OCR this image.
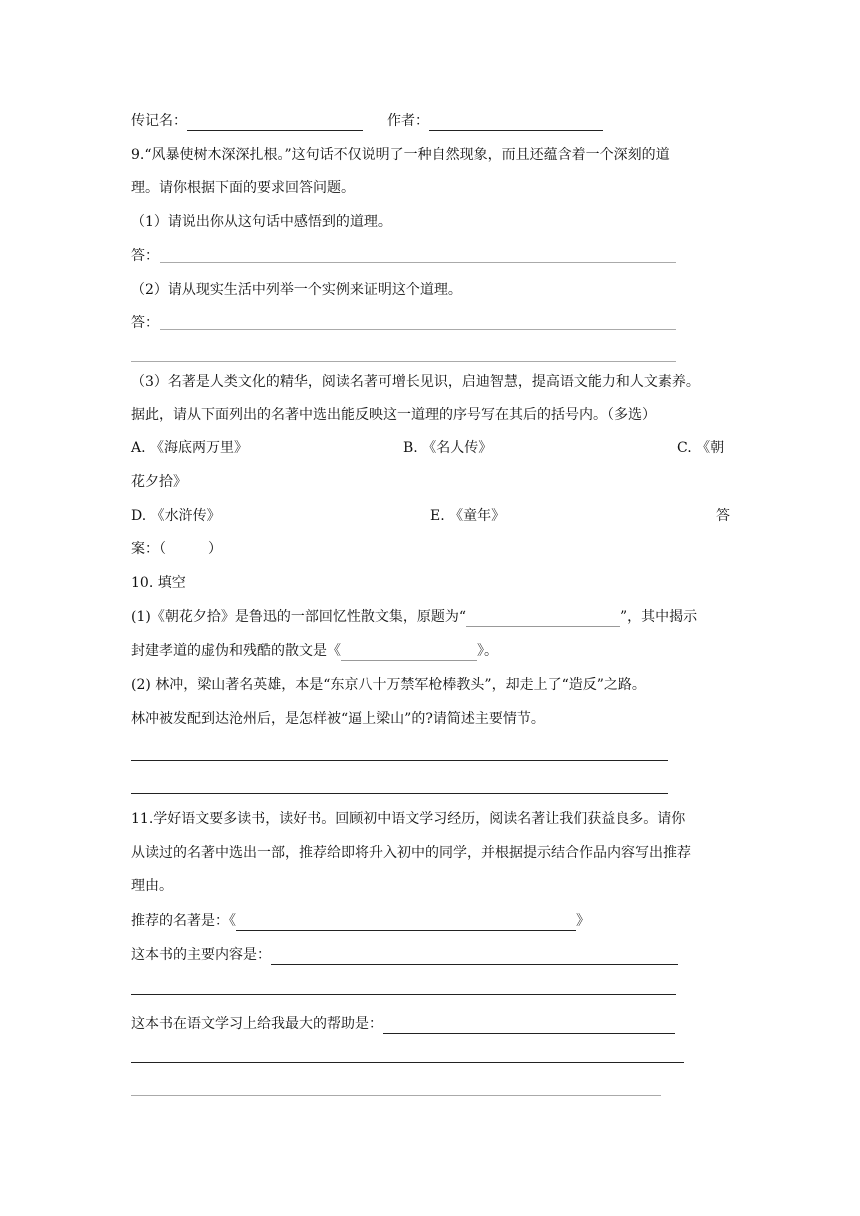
传记名：	作者：
9.“风暴使树木深深扎根。”这句话不仅说明了一种自然现象，而且还蕴含着一个深刻的道
理。请你根据下面的要求回答问题。
（1）请说出你从这句话中感悟到的道理。
答：
（2）请从现实生活中列举一个实例来证明这个道理。
答：
（3）名著是人类文化的精华，阅读名著可增长见识，启迪智慧，提高语文能力和人文素养。
据此，请从下面列出的名著中选出能反映这一道理的序号写在其后的括号内。（多选）
A. 《海底两万里》	B. 《名人传》	C. 《朝
花夕拾》
D. 《水浒传》	E. 《童年》	答
案：（　　　）
10. 填空
(1)《朝花夕拾》是鲁迅的一部回忆性散文集，原题为“	”，其中揭示
封建孝道的虚伪和残酷的散文是《	》。
(2) 林冲，梁山著名英雄，本是“东京八十万禁军枪棒教头”，却走上了“造反”之路。
林冲被发配到达沧州后，是怎样被“逼上梁山”的?请简述主要情节。
11.学好语文要多读书，读好书。回顾初中语文学习经历，阅读名著让我们获益良多。请你
从读过的名著中选出一部，推荐给即将升入初中的同学，并根据提示结合作品内容写出推荐
理由。
推荐的名著是：《	》
这本书的主要内容是：
这本书在语文学习上给我最大的帮助是：
